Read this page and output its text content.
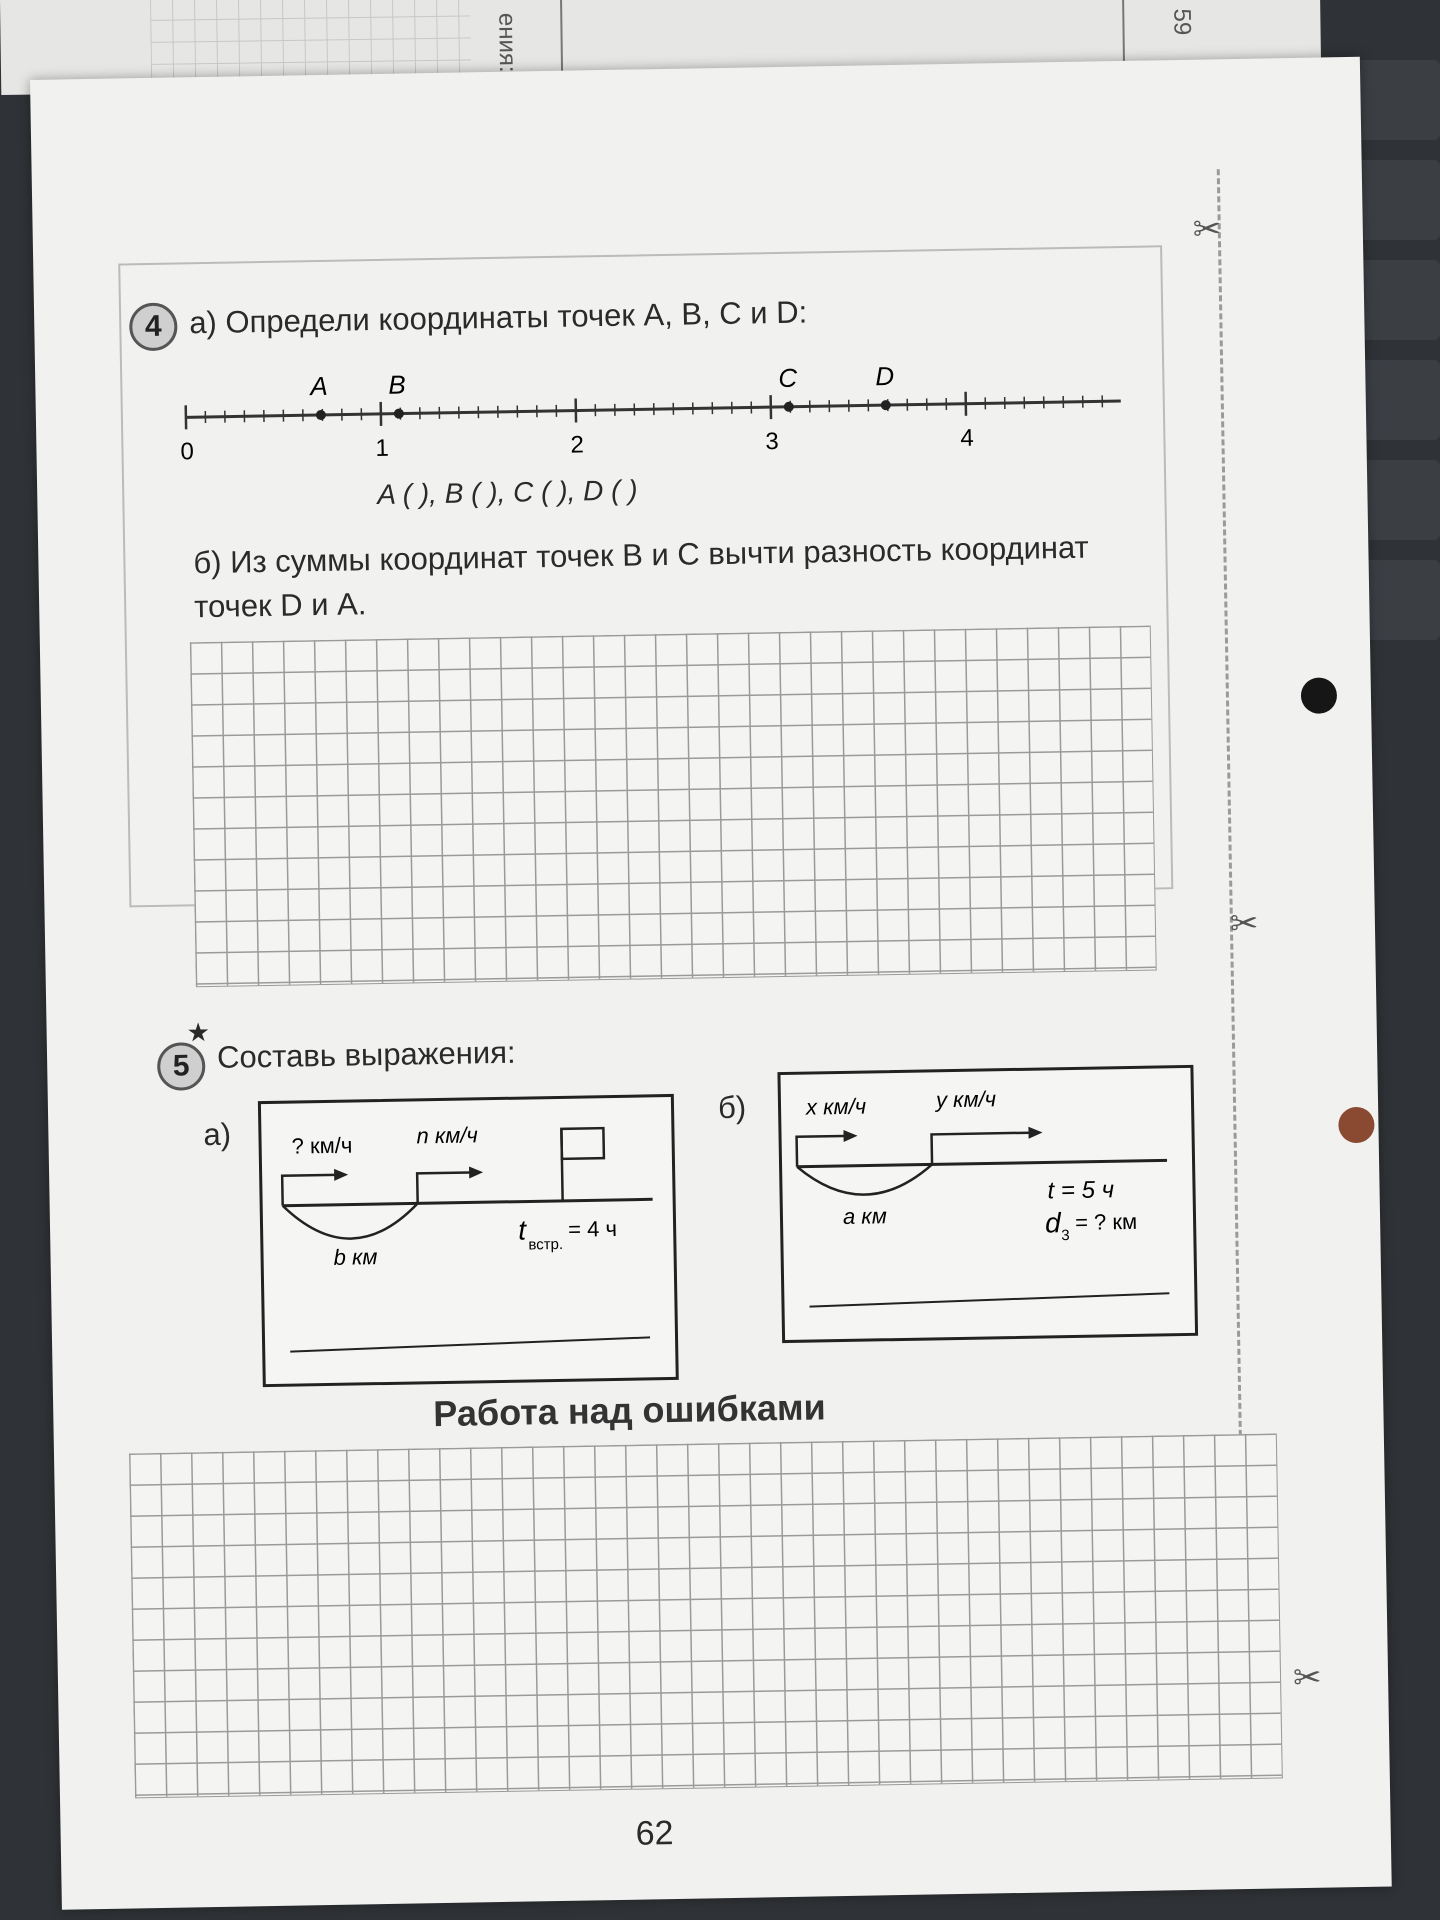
ения:	59
✂
✂
✂
4 а) Определи координаты точек A, B, C и D:
0	1	2	3	4
A B	C	D
A ( ), B ( ), C ( ), D ( )
б) Из суммы координат точек B и C вычти разность координат
точек D и A.
★
5 Составь выражения:
а)	? км/ч	n км/ч
b км
t встр.
= 4 ч
б)	x км/ч	y км/ч
a км
t = 5 ч
d 3
= ? км
Работа над ошибками
62
